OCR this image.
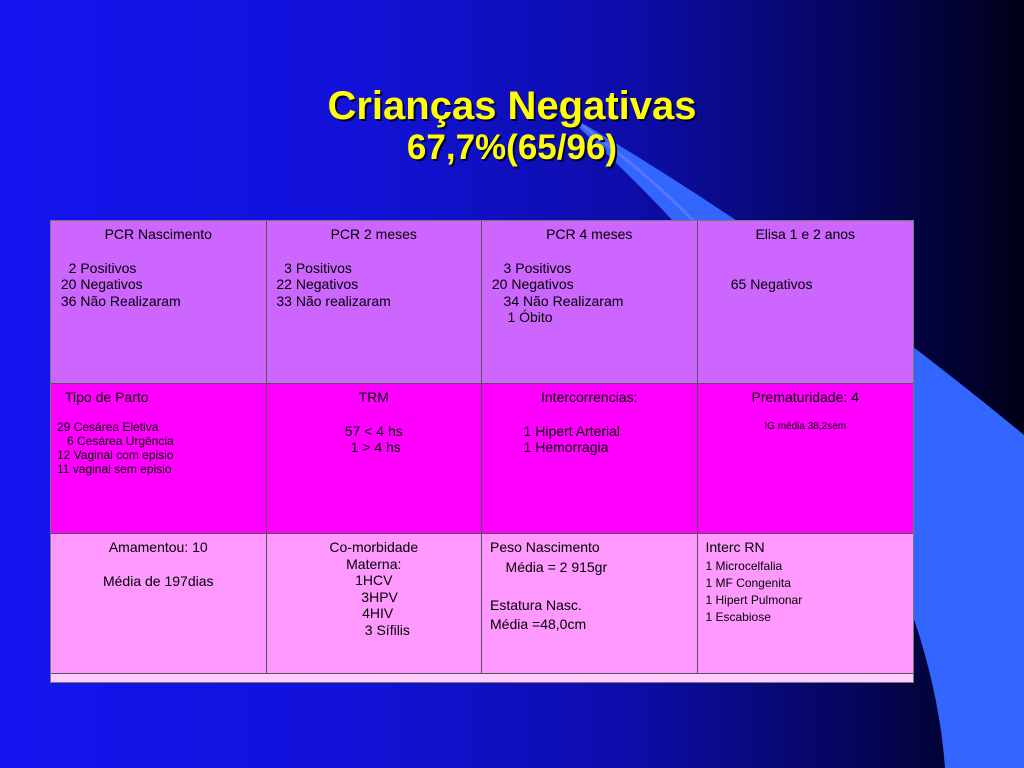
Crianças Negativas
67,7%(65/96)
PCR Nascimento
2 Positivos
20 Negativos
36 Não Realizaram
PCR 2 meses
3 Positivos
22 Negativos
33 Não realizaram
PCR 4 meses
3 Positivos
20 Negativos
34 Não Realizaram
1 Óbito
Elisa 1 e 2 anos

65 Negativos
Tipo de Parto
29 Cesárea Eletiva
6 Cesárea Urgência
12 Vaginal com episio
11 vaginal sem episio
TRM
57 < 4 hs
1 > 4 hs
Intercorrencias:
1 Hipert Arterial
1 Hemorragia
Prematuridade: 4
IG média 38,2sem
Amamentou: 10
Média de 197dias
Co-morbidade
Materna:
1HCV
3HPV
4HIV
3 Sífilis
Peso Nascimento
Média = 2 915gr

Estatura Nasc.
Média =48,0cm
Interc RN
1 Microcelfalia
1 MF Congenita
1 Hipert Pulmonar
1 Escabiose
